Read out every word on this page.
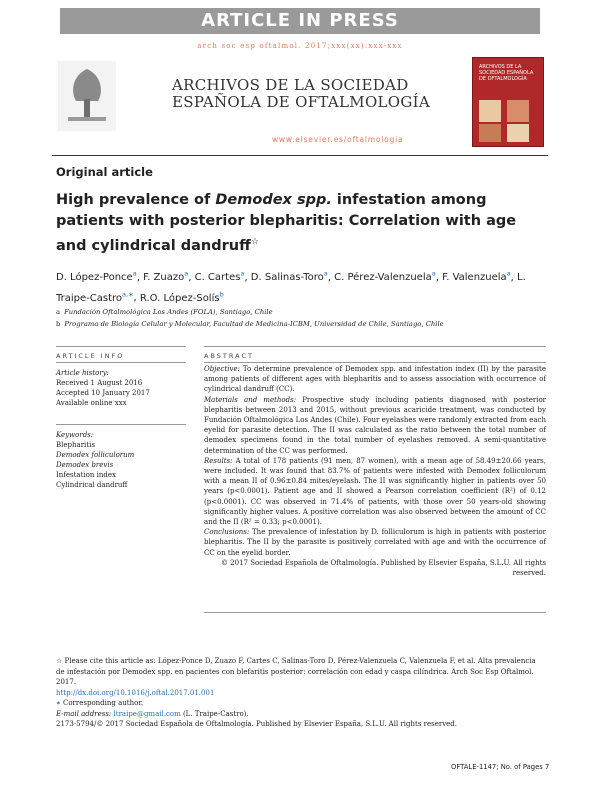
ARTICLE IN PRESS
arch soc esp oftalmol. 2017;xxx(xx):xxx-xxx
ARCHIVOS DE LA SOCIEDAD
ESPAÑOLA DE OFTALMOLOGÍA
www.elsevier.es/oftalmologia
ARCHIVOS DE LA SOCIEDAD ESPAÑOLA DE OFTALMOLOGÍA
Original article
High prevalence of Demodex spp. infestation among patients with posterior blepharitis: Correlation with age and cylindrical dandruff☆
D. López-Ponce$^a$, F. Zuazo$^a$, C. Cartes$^a$, D. Salinas-Toro$^a$, C. Pérez-Valenzuela$^a$, F. Valenzuela$^a$, L. Traipe-Castro$^{a,∗}$, R.O. López-Solís$^b$
a Fundación Oftalmológica Los Andes (FOLA), Santiago, Chile
b Programa de Biología Celular y Molecular, Facultad de Medicina-ICBM, Universidad de Chile, Santiago, Chile
ARTICLE INFO
Article history:
Received 1 August 2016
Accepted 10 January 2017
Available online xxx
Keywords:
Blepharitis
Demodex folliculorum
Demodex brevis
Infestation index
Cylindrical dandruff
ABSTRACT
Objective: To determine prevalence of Demodex spp. and infestation index (II) by the parasite among patients of different ages with blepharitis and to assess association with occurrence of cylindrical dandruff (CC).
Materials and methods: Prospective study including patients diagnosed with posterior blepharitis between 2013 and 2015, without previous acaricide treatment, was conducted by Fundación Oftalmológica Los Andes (Chile). Four eyelashes were randomly extracted from each eyelid for parasite detection. The II was calculated as the ratio between the total number of demodex specimens found in the total number of eyelashes removed. A semi-quantitative determination of the CC was performed.
Results: A total of 178 patients (91 men, 87 women), with a mean age of 58.49±20.66 years, were included. It was found that 83.7% of patients were infested with Demodex folliculorum with a mean II of 0.96±0.84 mites/eyelash. The II was significantly higher in patients over 50 years (p<0.0001). Patient age and II showed a Pearson correlation coefficient (R²) of 0.12 (p<0.0001). CC was observed in 71.4% of patients, with those over 50 years-old showing significantly higher values. A positive correlation was also observed between the amount of CC and the II (R² = 0.33; p<0.0001).
Conclusions: The prevalence of infestation by D. folliculorum is high in patients with posterior blepharitis. The II by the parasite is positively correlated with age and with the occurrence of CC on the eyelid border.
© 2017 Sociedad Española de Oftalmología. Published by Elsevier España, S.L.U. All rights reserved.
☆ Please cite this article as: López-Ponce D, Zuazo F, Cartes C, Salinas-Toro D, Pérez-Valenzuela C, Valenzuela F, et al. Alta prevalencia de infestación por Demodex spp. en pacientes con blefaritis posterior: correlación con edad y caspa cilíndrica. Arch Soc Esp Oftalmol. 2017.
http://dx.doi.org/10.1016/j.oftal.2017.01.001
∗ Corresponding author.
E-mail address: ltraipe@gmail.com (L. Traipe-Castro).
2173-5794/© 2017 Sociedad Española de Oftalmología. Published by Elsevier España, S.L.U. All rights reserved.
OFTALE-1147; No. of Pages 7
